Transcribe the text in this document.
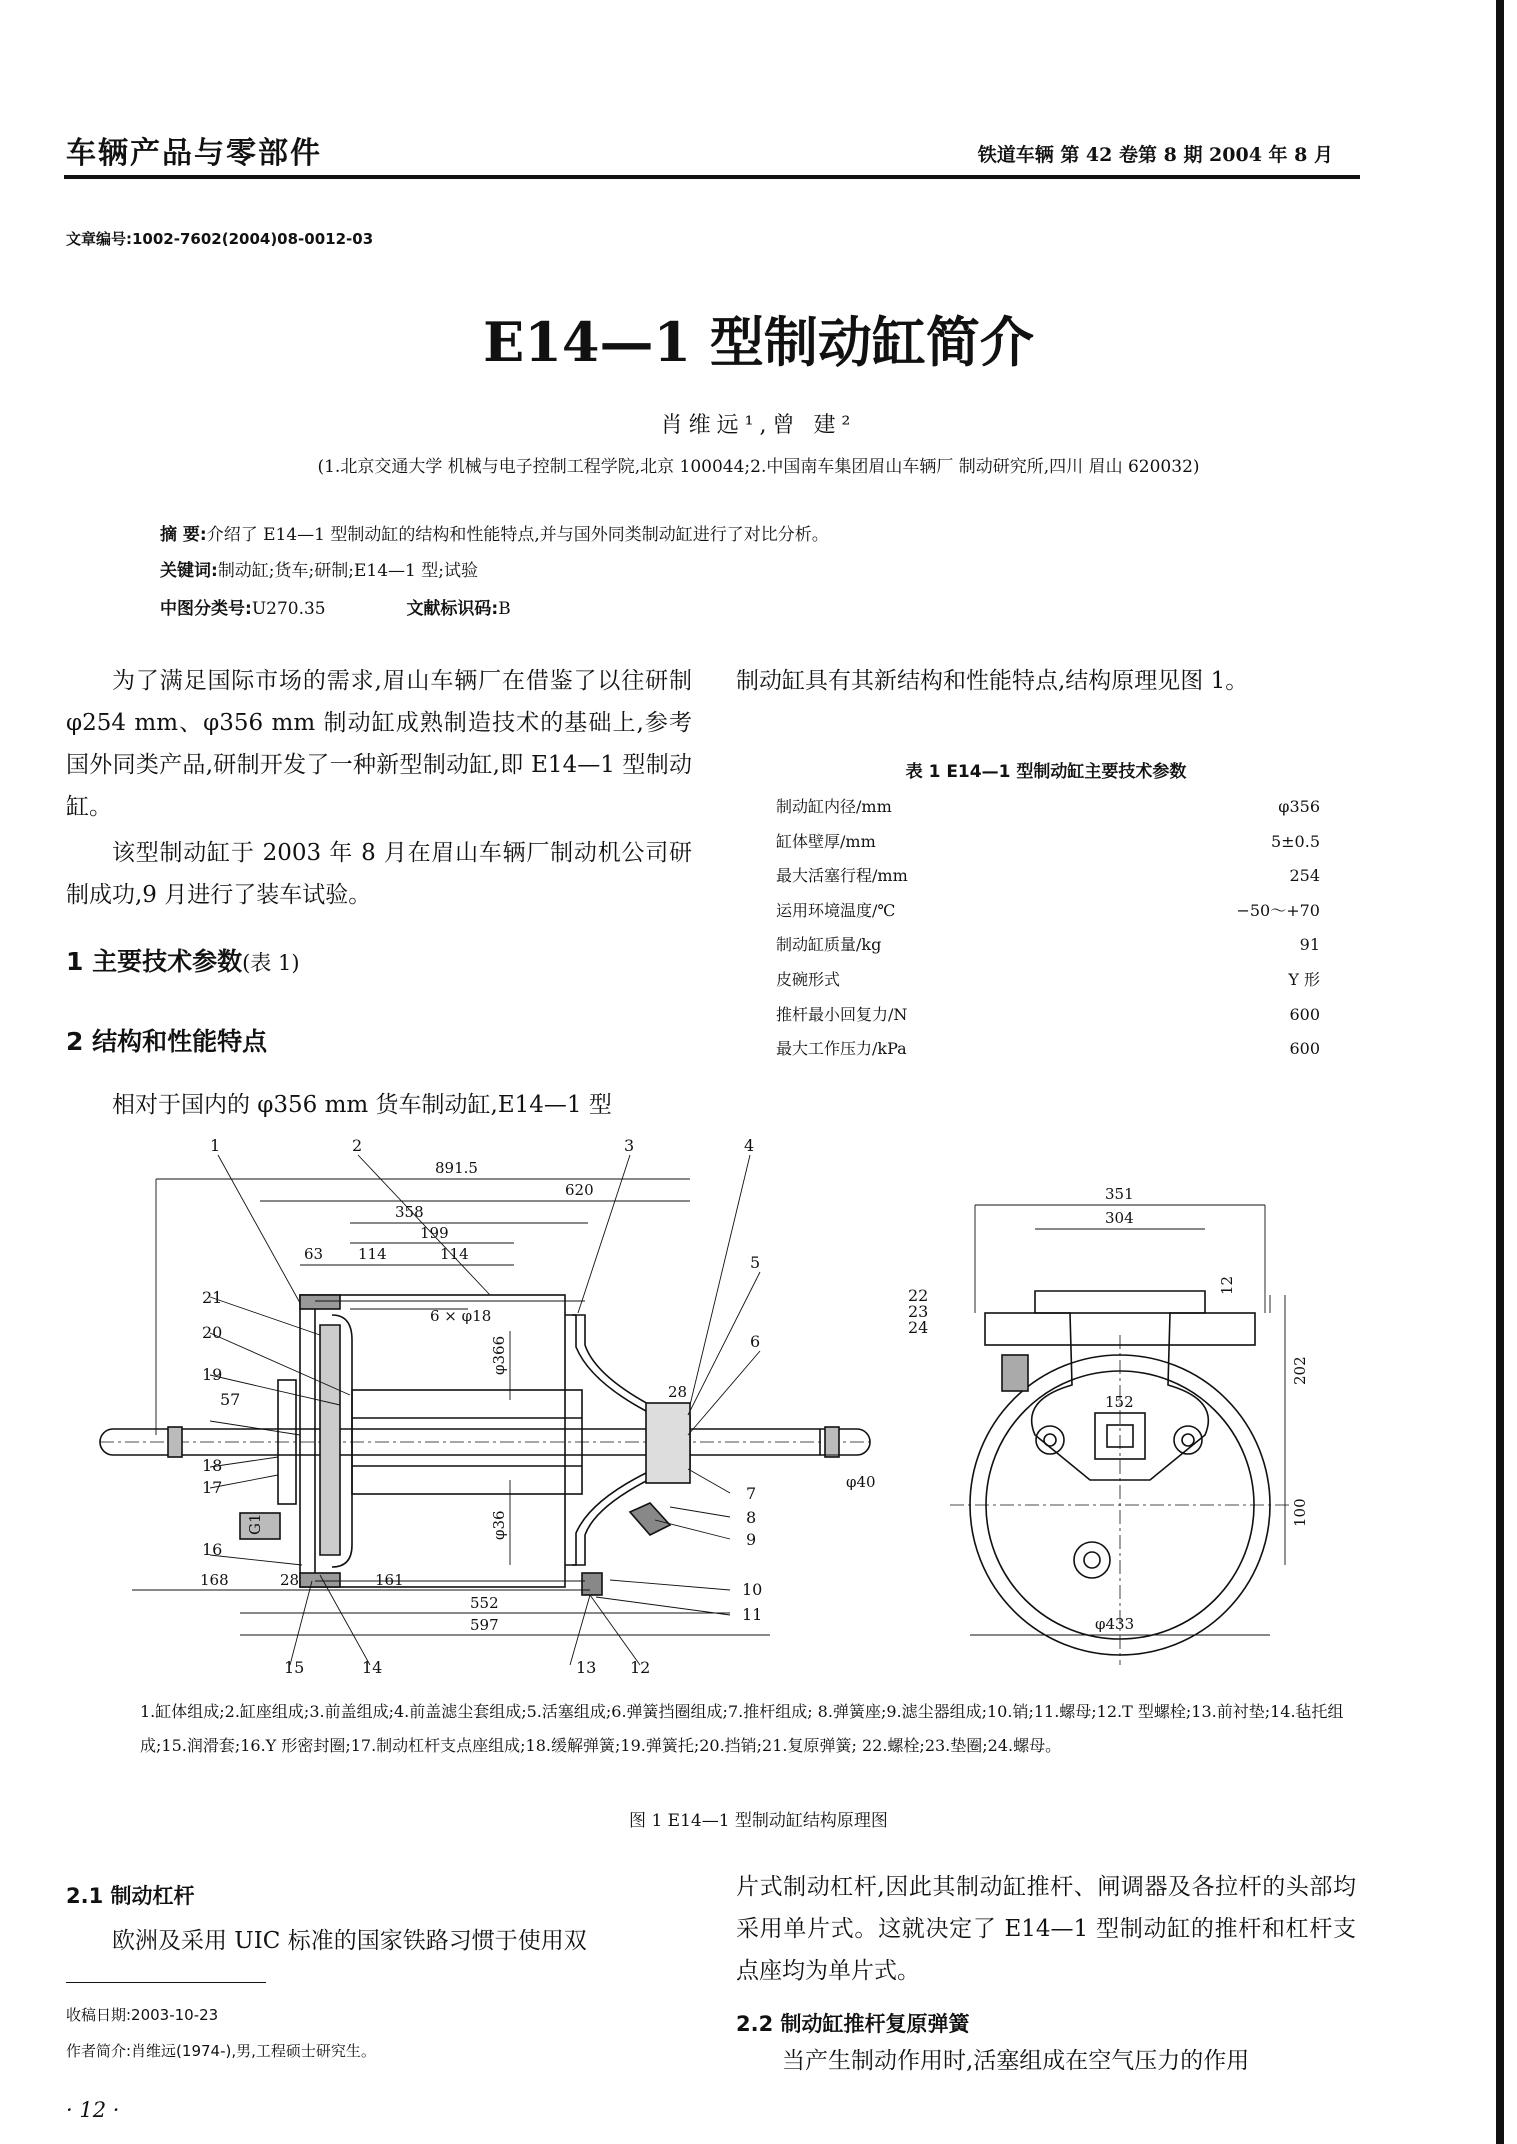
车辆产品与零部件	铁道车辆 第 42 卷第 8 期 2004 年 8 月
文章编号:1002-7602(2004)08-0012-03
E14—1 型制动缸简介
肖维远¹,曾 建²
(1.北京交通大学 机械与电子控制工程学院,北京 100044;2.中国南车集团眉山车辆厂 制动研究所,四川 眉山 620032)
摘 要:介绍了 E14—1 型制动缸的结构和性能特点,并与国外同类制动缸进行了对比分析。
关键词:制动缸;货车;研制;E14—1 型;试验
中图分类号:U270.35	文献标识码:B
为了满足国际市场的需求,眉山车辆厂在借鉴了以往研制 φ254 mm、φ356 mm 制动缸成熟制造技术的基础上,参考国外同类产品,研制开发了一种新型制动缸,即 E14—1 型制动缸。
该型制动缸于 2003 年 8 月在眉山车辆厂制动机公司研制成功,9 月进行了装车试验。
1 主要技术参数(表 1)
2 结构和性能特点
相对于国内的 φ356 mm 货车制动缸,E14—1 型
制动缸具有其新结构和性能特点,结构原理见图 1。
表 1 E14—1 型制动缸主要技术参数
制动缸内径/mm	φ356
缸体壁厚/mm	5±0.5
最大活塞行程/mm	254
运用环境温度/℃	−50～+70
制动缸质量/kg	91
皮碗形式	Y 形
推杆最小回复力/N	600
最大工作压力/kPa	600
891.5
620
358
199
63 114	114
6 × φ18
φ366
φ36
28
28
168	161
552
597
G1
φ40
351
304
152
12
202
100
φ433
1	2	3	4
5
6
7
8
9
10
11
12
13
14
15
16
17
18
19
20
21	22
23
24
57
1.缸体组成;2.缸座组成;3.前盖组成;4.前盖滤尘套组成;5.活塞组成;6.弹簧挡圈组成;7.推杆组成; 8.弹簧座;9.滤尘器组成;10.销;11.螺母;12.T 型螺栓;13.前衬垫;14.毡托组成;15.润滑套;16.Y 形密封圈;17.制动杠杆支点座组成;18.缓解弹簧;19.弹簧托;20.挡销;21.复原弹簧; 22.螺栓;23.垫圈;24.螺母。
图 1 E14—1 型制动缸结构原理图
2.1 制动杠杆
欧洲及采用 UIC 标准的国家铁路习惯于使用双
收稿日期:2003-10-23
作者简介:肖维远(1974-),男,工程硕士研究生。
· 12 ·
片式制动杠杆,因此其制动缸推杆、闸调器及各拉杆的头部均采用单片式。这就决定了 E14—1 型制动缸的推杆和杠杆支点座均为单片式。
2.2 制动缸推杆复原弹簧
当产生制动作用时,活塞组成在空气压力的作用
